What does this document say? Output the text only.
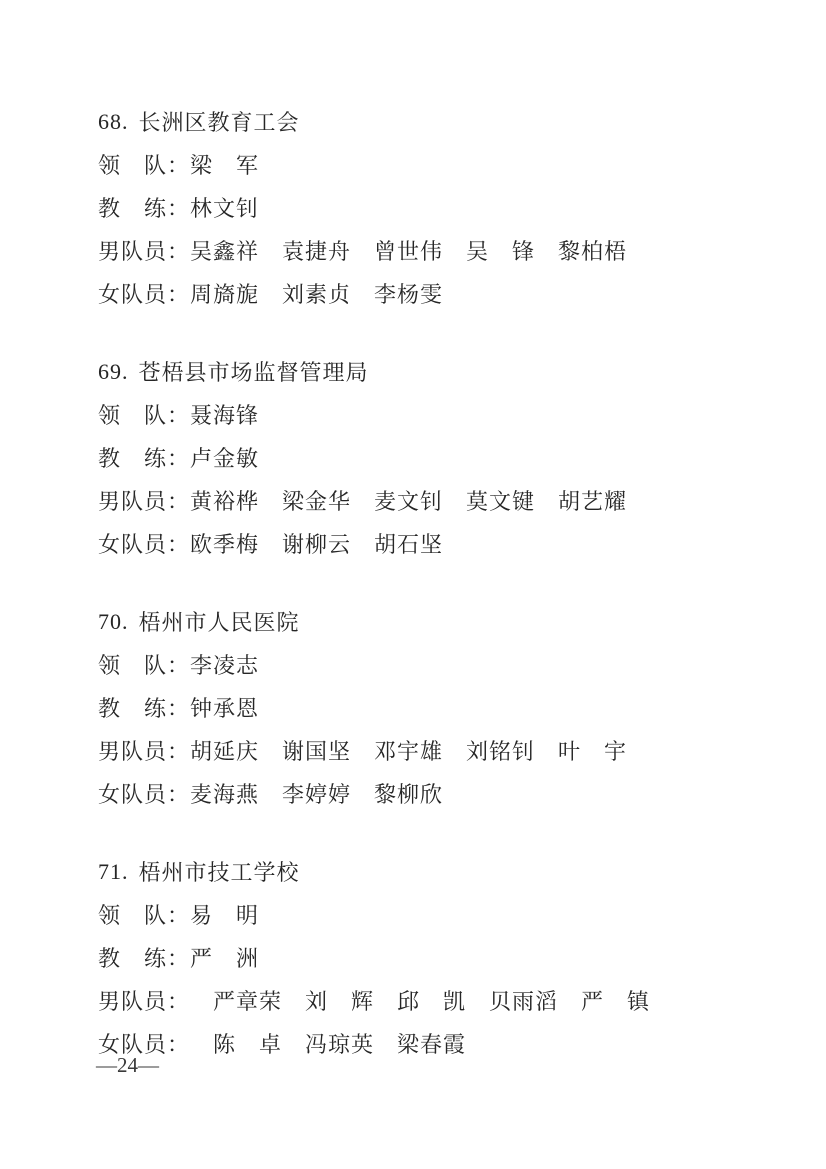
68. 长洲区教育工会
领　队： 梁　军
教　练： 林文钊
男队员： 吴鑫祥　袁捷舟　曾世伟　吴　锋　黎柏梧
女队员： 周旖旎　刘素贞　李杨雯
69. 苍梧县市场监督管理局
领　队： 聂海锋
教　练： 卢金敏
男队员： 黄裕桦　梁金华　麦文钊　莫文键　胡艺耀
女队员： 欧季梅　谢柳云　胡石坚
70. 梧州市人民医院
领　队： 李凌志
教　练： 钟承恩
男队员： 胡延庆　谢国坚　邓宇雄　刘铭钊　叶　宇
女队员： 麦海燕　李婷婷　黎柳欣
71. 梧州市技工学校
领　队： 易　明
教　练： 严　洲
男队员： 　严章荣　刘　辉　邱　凯　贝雨滔　严　镇
女队员： 　陈　卓　冯琼英　梁春霞
—24—
